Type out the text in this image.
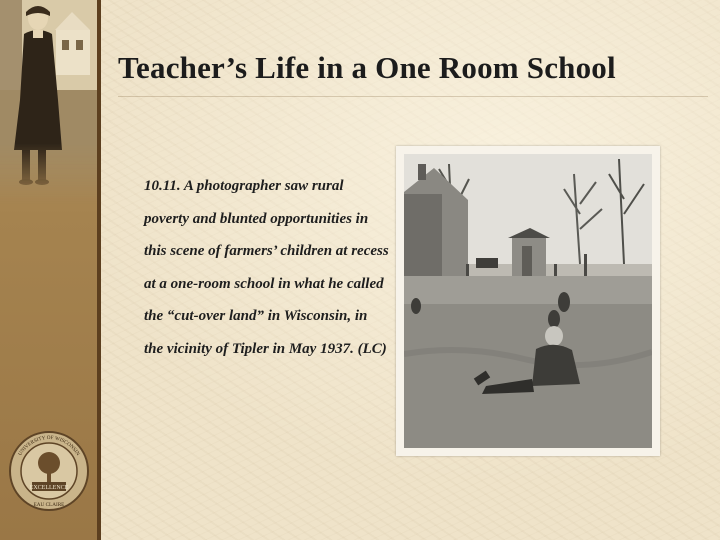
EXCELLENCE
UNIVERSITY OF WISCONSIN
EAU CLAIRE
Teacher’s Life in a One Room School

10.11. A photographer saw rural poverty and blunted opportunities in this scene of farmers’ children at recess at a one-room school in what he called the “cut-over land” in Wisconsin, in the vicinity of Tipler in May 1937. (LC)
